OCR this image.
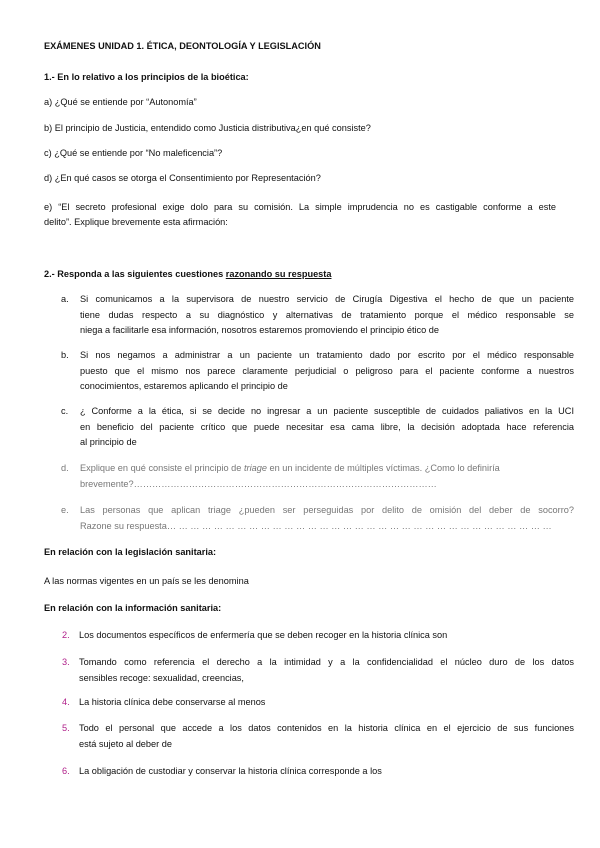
EXÁMENES UNIDAD 1. ÉTICA, DEONTOLOGÍA Y LEGISLACIÓN
1.- En lo relativo a los principios de la bioética:
a) ¿Qué se entiende por “Autonomía”
b) El principio de Justicia, entendido como Justicia distributiva¿en qué consiste?
c) ¿Qué se entiende por “No maleficencia”?
d) ¿En qué casos se otorga el Consentimiento por Representación?
e) “El secreto profesional exige dolo para su comisión. La simple imprudencia no es castigable conforme a este
delito”. Explique brevemente esta afirmación:
2.- Responda a las siguientes cuestiones razonando su respuesta
a.	Si comunicamos a la supervisora de nuestro servicio de Cirugía Digestiva el hecho de que un paciente

tiene dudas respecto a su diagnóstico y alternativas de tratamiento porque el médico responsable se

niega a facilitarle esa información, nosotros estaremos promoviendo el principio ético de

b.	Si nos negamos a administrar a un paciente un tratamiento dado por escrito por el médico responsable

puesto que el mismo nos parece claramente perjudicial o peligroso para el paciente conforme a nuestros

conocimientos, estaremos aplicando el principio de

c.	¿ Conforme a la ética, si se decide no ingresar a un paciente susceptible de cuidados paliativos en la UCI

en beneficio del paciente crítico que puede necesitar esa cama libre, la decisión adoptada hace referencia

al principio de

d.	Explique en qué consiste el principio de triage en un incidente de múltiples víctimas. ¿Como lo definiría

brevemente?………………………………………………………………………………………

e.	Las personas que aplican triage ¿pueden ser perseguidas por delito de omisión del deber de socorro?

Razone su respuesta… … … … … … … … … … … … … … … … … … … … … … … … … … … … … … … … …

En relación con la legislación sanitaria:
A las normas vigentes en un país se les denomina
En relación con la información sanitaria:
2. Los documentos específicos de enfermería que se deben recoger en la historia clínica son
3. Tomando como referencia el derecho a la intimidad y a la confidencialidad el núcleo duro de los datos
sensibles recoge: sexualidad, creencias,
4. La historia clínica debe conservarse al menos
5. Todo el personal que accede a los datos contenidos en la historia clínica en el ejercicio de sus funciones
está sujeto al deber de
6. La obligación de custodiar y conservar la historia clínica corresponde a los
